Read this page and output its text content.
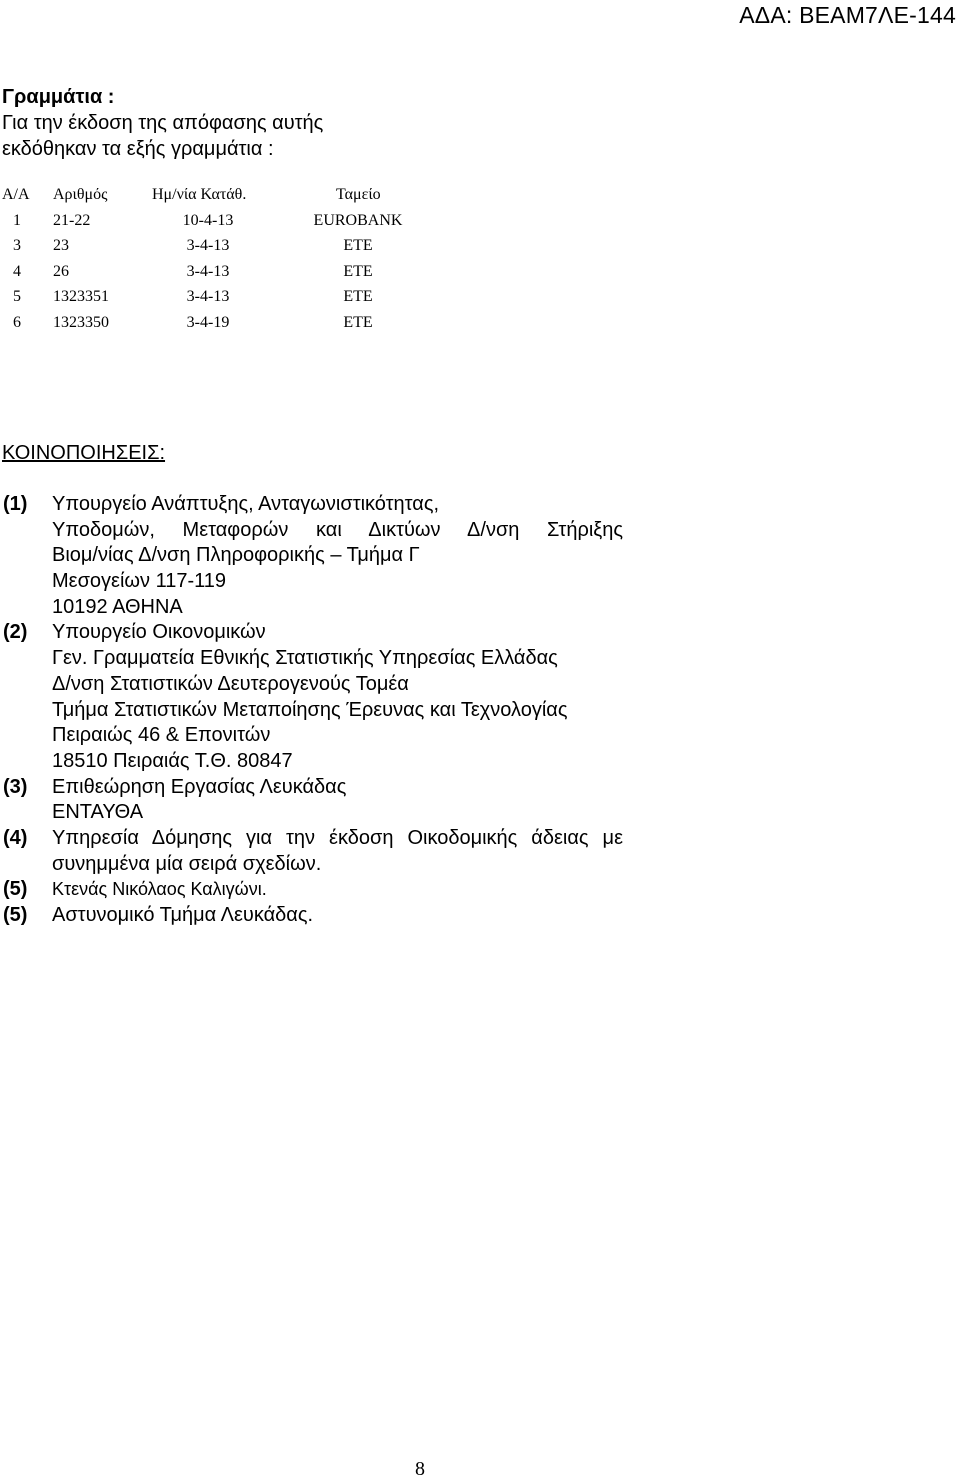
ΑΔΑ: ΒΕΑΜ7ΛΕ-144
Γραμμάτια :
Για την έκδοση της απόφασης αυτής
εκδόθηκαν τα εξής γραμμάτια :
Α/Α Αριθμός	Ημ/νία Κατάθ.	Ταμείο
1	21-22	10-4-13	EUROBANK
3	23	3-4-13	ΕΤΕ
4	26	3-4-13	ΕΤΕ
5	1323351	3-4-13	ΕΤΕ
6	1323350	3-4-19	ΕΤΕ
ΚΟΙΝΟΠΟΙΗΣΕΙΣ:
(1) Υπουργείο Ανάπτυξης, Ανταγωνιστικότητας,
Υποδομών, Μεταφορών και Δικτύων Δ/νση Στήριξης
Βιομ/νίας Δ/νση Πληροφορικής – Τμήμα Γ
Μεσογείων 117-119
10192 ΑΘΗΝΑ
(2) Υπουργείο Οικονομικών
Γεν. Γραμματεία Εθνικής Στατιστικής Υπηρεσίας Ελλάδας
Δ/νση Στατιστικών Δευτερογενούς Τομέα
Τμήμα Στατιστικών Μεταποίησης Έρευνας και Τεχνολογίας
Πειραιώς 46 & Επονιτών
18510 Πειραιάς Τ.Θ. 80847
(3) Επιθεώρηση Εργασίας Λευκάδας
ΕΝΤΑΥΘΑ
(4) Υπηρεσία Δόμησης για την έκδοση Οικοδομικής άδειας με
συνημμένα μία σειρά σχεδίων.
(5) Κτενάς Νικόλαος Καλιγώνι.
(5) Αστυνομικό Τμήμα Λευκάδας.
8
